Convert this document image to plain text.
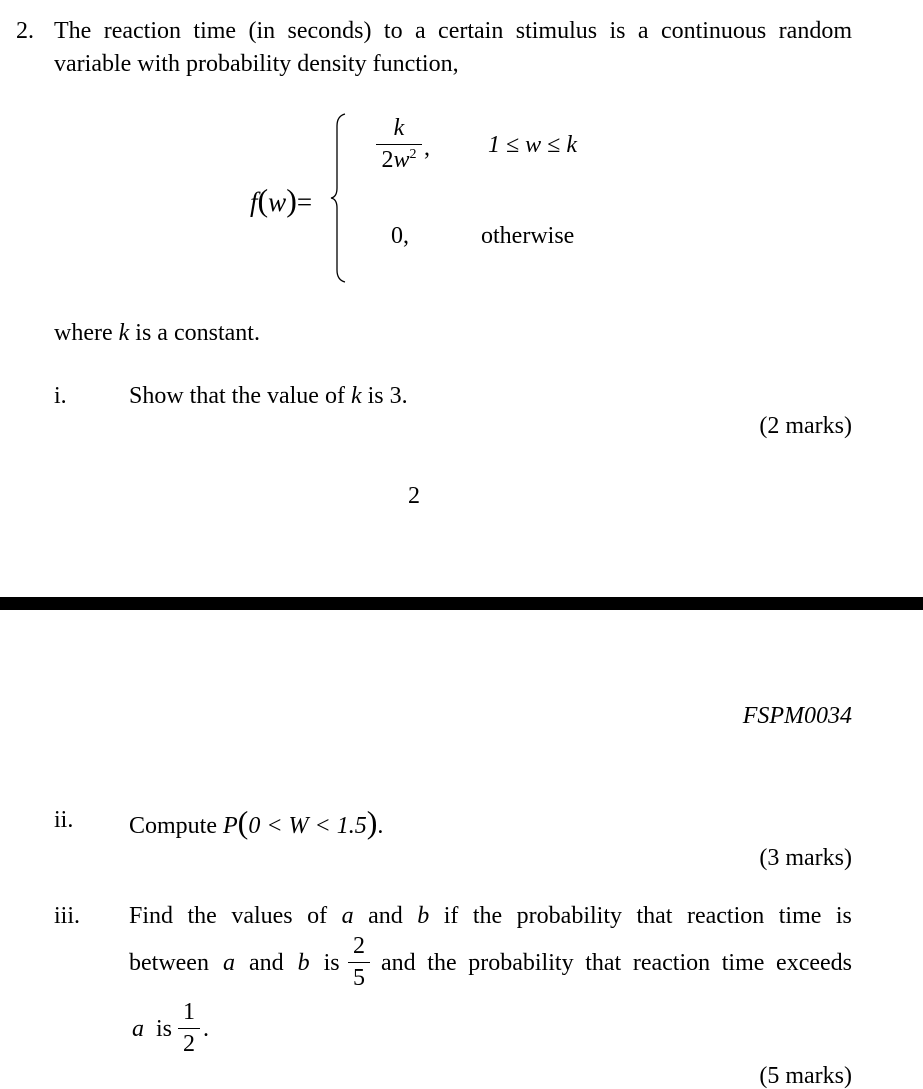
2. The reaction time (in seconds) to a certain stimulus is a continuous random
variable with probability density function,
f(w)=
k
$2w^2$ , 1 ≤ w ≤ k
0,	otherwise
where k is a constant.
i.	Show that the value of k is 3.
(2 marks)
2
FSPM0034
ii. Compute P(0 < W < 1.5).
(3 marks)
iii. Find the values of a and b if the probability that reaction time is
between a and b is
2
5
and the probability that reaction time exceeds
a is
1
2
.
(5 marks)
